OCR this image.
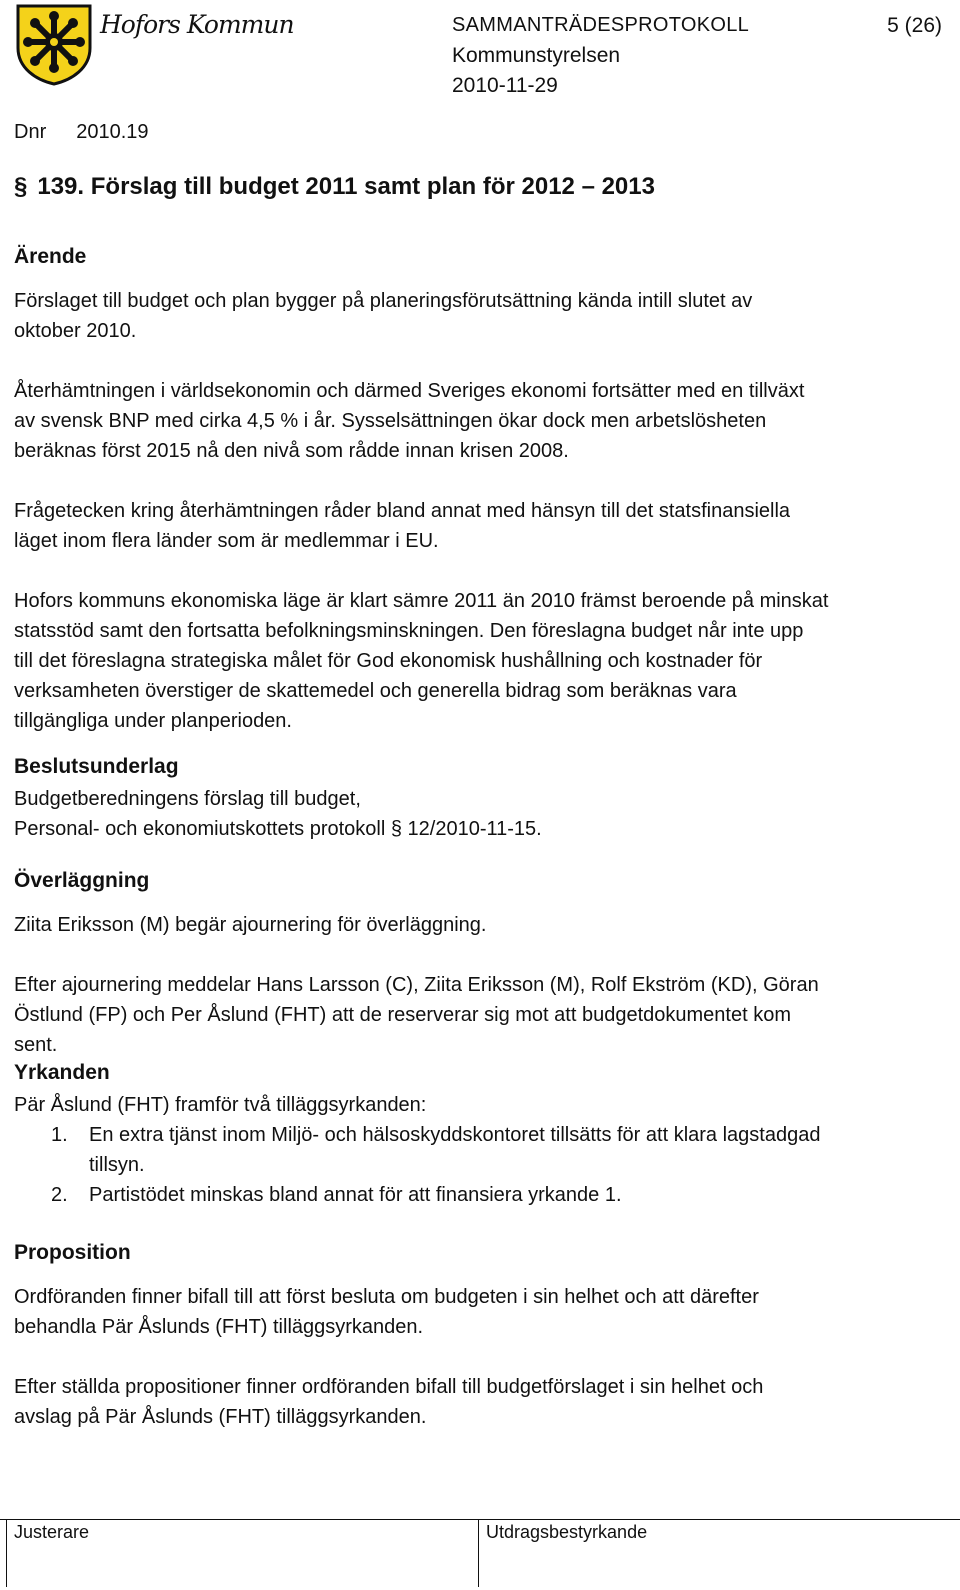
Hofors Kommun	SAMMANTRÄDESPROTOKOLL	5 (26)
Kommunstyrelsen
2010-11-29
Dnr 2010.19
§ 139. Förslag till budget 2011 samt plan för 2012 – 2013
Ärende
Förslaget till budget och plan bygger på planeringsförutsättning kända intill slutet av
oktober 2010.
Återhämtningen i världsekonomin och därmed Sveriges ekonomi fortsätter med en tillväxt
av svensk BNP med cirka 4,5 % i år. Sysselsättningen ökar dock men arbetslösheten
beräknas först 2015 nå den nivå som rådde innan krisen 2008.
Frågetecken kring återhämtningen råder bland annat med hänsyn till det statsfinansiella
läget inom flera länder som är medlemmar i EU.
Hofors kommuns ekonomiska läge är klart sämre 2011 än 2010 främst beroende på minskat
statsstöd samt den fortsatta befolkningsminskningen. Den föreslagna budget når inte upp
till det föreslagna strategiska målet för God ekonomisk hushållning och kostnader för
verksamheten överstiger de skattemedel och generella bidrag som beräknas vara
tillgängliga under planperioden.
Beslutsunderlag
Budgetberedningens förslag till budget,
Personal- och ekonomiutskottets protokoll § 12/2010-11-15.
Överläggning
Ziita Eriksson (M) begär ajournering för överläggning.
Efter ajournering meddelar Hans Larsson (C), Ziita Eriksson (M), Rolf Ekström (KD), Göran
Östlund (FP) och Per Åslund (FHT) att de reserverar sig mot att budgetdokumentet kom
sent.
Yrkanden
Pär Åslund (FHT) framför två tilläggsyrkanden:
1. En extra tjänst inom Miljö- och hälsoskyddskontoret tillsätts för att klara lagstadgad
tillsyn.
2. Partistödet minskas bland annat för att finansiera yrkande 1.
Proposition
Ordföranden finner bifall till att först besluta om budgeten i sin helhet och att därefter
behandla Pär Åslunds (FHT) tilläggsyrkanden.
Efter ställda propositioner finner ordföranden bifall till budgetförslaget i sin helhet och
avslag på Pär Åslunds (FHT) tilläggsyrkanden.
Justerare	Utdragsbestyrkande
